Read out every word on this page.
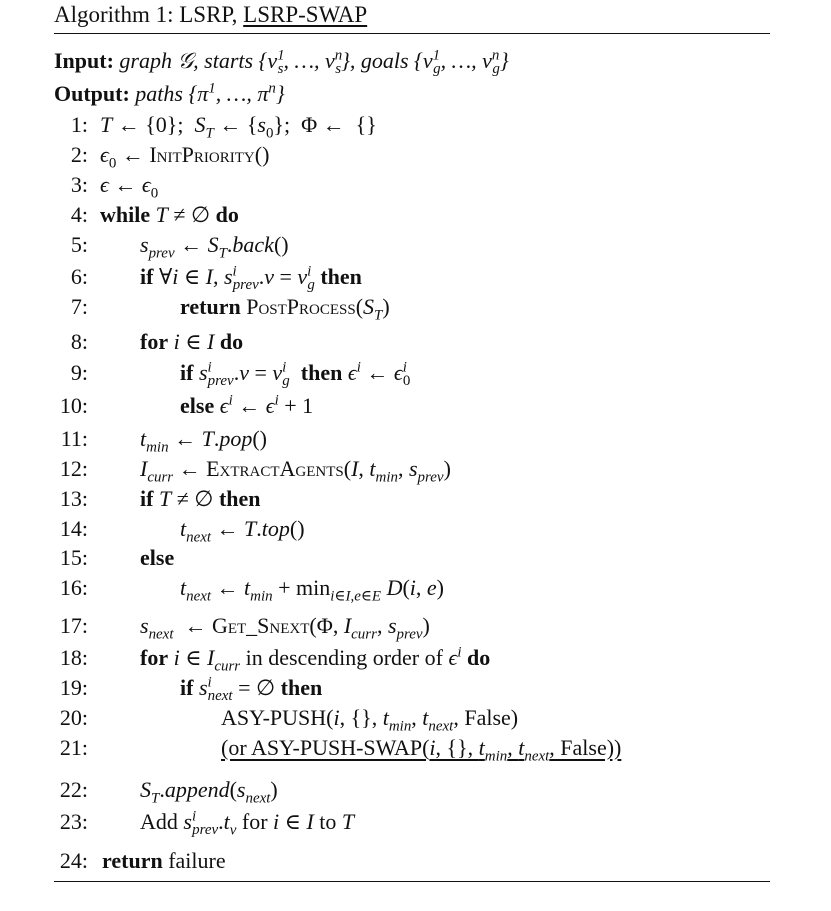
Algorithm 1: LSRP, LSRP-SWAP
Input: graph 𝒢, starts {$v^1_s$, …, $v^n_s$}, goals {$v^1_g$, …, $v^n_g$}
Output: paths {$\pi^1$, …, $\pi^n$}
1: T ← {0};  $S_T$ ← $\{s_0\}$;  Φ ←  {}
2: $\epsilon_0$ ← InitPriority()
3: ϵ ← $\epsilon_0$
4: while T ≠ ∅ do
5: $s_{prev}$ ← $S_T.back()$
6: if ∀i ∈ I, $s^i_{prev}.v = v^i_g$ then
7:	return $PostProcess(S_T)$
8: for i ∈ I do
9:	if $s^i_{prev}.v = v^i_g$ then $\epsilon^i$ ← $\epsilon^i_0$
10:	else $\epsilon^i$ ← $\epsilon^i + 1$
11: $t_{min}$ ← T.pop()
12: $I_{curr}$ ← ExtractAgents(I, $t_{min}$, $s_{prev}$)
13: if T ≠ ∅ then
14:	$t_{next}$ ← T.top()
15: else
16:	$t_{next}$ ← $t_{min} + \min_{i\in I,e\in E} D(i$, e)
17: $s_{next}$  ← Get_Snext(Φ, $I_{curr}$, $s_{prev}$)
18: for i ∈ $I_{curr}$ in descending order of $\epsilon^i$ do
19:	if $s^i_{next}$ = ∅ then
20:	ASY-PUSH(i, {}, $t_{min}$, $t_{next}$, False)
21:	(or ASY-PUSH-SWAP(i, {}, $t_{min}$, $t_{next}$, False))
22: $S_T.append(s_{next})$
23: Add $s^i_{prev}.t_v$ for i ∈ I to T
24: return failure
